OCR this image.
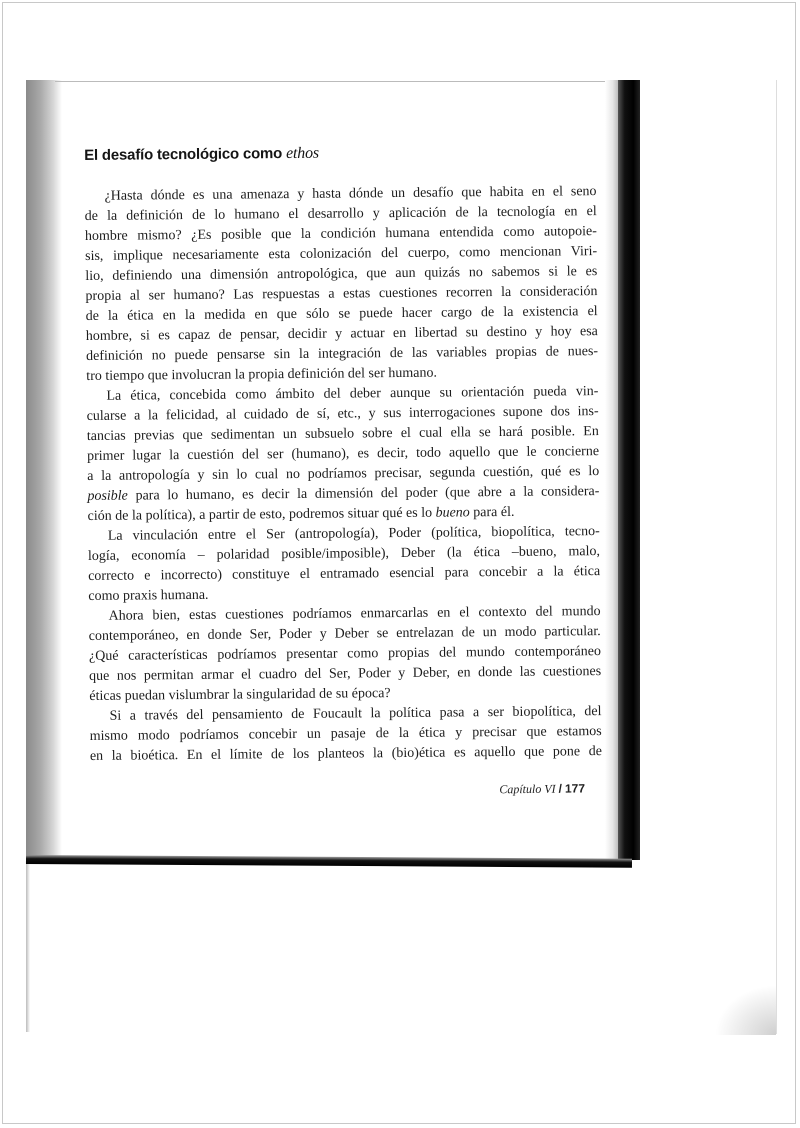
El desafío tecnológico como ethos
¿Hasta dónde es una amenaza y hasta dónde un desafío que habita en el seno
de la definición de lo humano el desarrollo y aplicación de la tecnología en el
hombre mismo? ¿Es posible que la condición humana entendida como autopoie-
sis, implique necesariamente esta colonización del cuerpo, como mencionan Viri-
lio, definiendo una dimensión antropológica, que aun quizás no sabemos si le es
propia al ser humano? Las respuestas a estas cuestiones recorren la consideración
de la ética en la medida en que sólo se puede hacer cargo de la existencia el
hombre, si es capaz de pensar, decidir y actuar en libertad su destino y hoy esa
definición no puede pensarse sin la integración de las variables propias de nues-
tro tiempo que involucran la propia definición del ser humano.
La ética, concebida como ámbito del deber aunque su orientación pueda vin-
cularse a la felicidad, al cuidado de sí, etc., y sus interrogaciones supone dos ins-
tancias previas que sedimentan un subsuelo sobre el cual ella se hará posible. En
primer lugar la cuestión del ser (humano), es decir, todo aquello que le concierne
a la antropología y sin lo cual no podríamos precisar, segunda cuestión, qué es lo
posible para lo humano, es decir la dimensión del poder (que abre a la considera-
ción de la política), a partir de esto, podremos situar qué es lo bueno para él.
La vinculación entre el Ser (antropología), Poder (política, biopolítica, tecno-
logía, economía – polaridad posible/imposible), Deber (la ética –bueno, malo,
correcto e incorrecto) constituye el entramado esencial para concebir a la ética
como praxis humana.
Ahora bien, estas cuestiones podríamos enmarcarlas en el contexto del mundo
contemporáneo, en donde Ser, Poder y Deber se entrelazan de un modo particular.
¿Qué características podríamos presentar como propias del mundo contemporáneo
que nos permitan armar el cuadro del Ser, Poder y Deber, en donde las cuestiones
éticas puedan vislumbrar la singularidad de su época?
Si a través del pensamiento de Foucault la política pasa a ser biopolítica, del
mismo modo podríamos concebir un pasaje de la ética y precisar que estamos
en la bioética. En el límite de los planteos la (bio)ética es aquello que pone de
Capítulo VI / 177
